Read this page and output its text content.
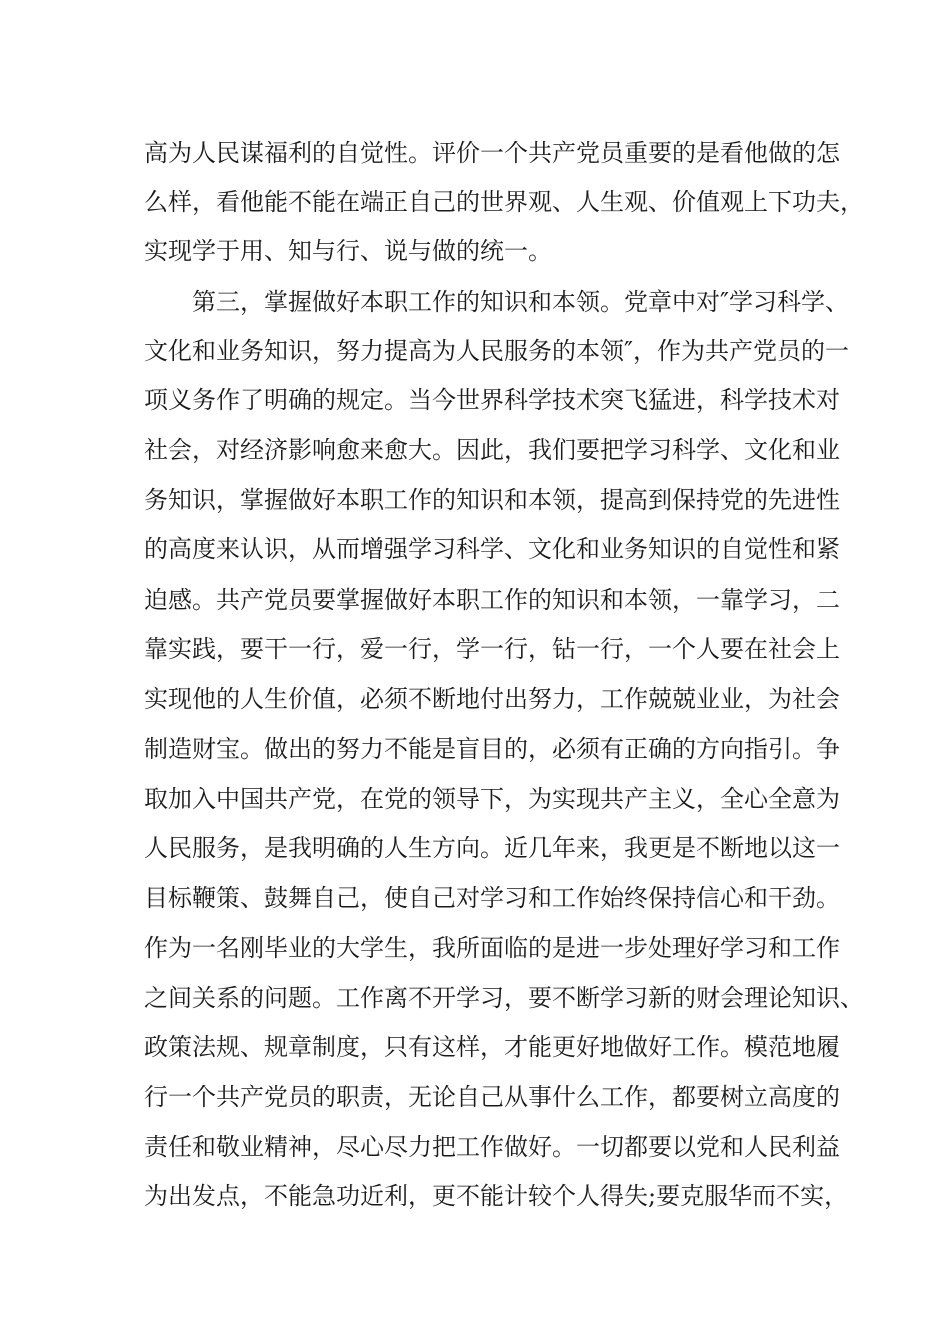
高为人民谋福利的自觉性。评价一个共产党员重要的是看他做的怎
么样，看他能不能在端正自己的世界观、人生观、价值观上下功夫，
实现学于用、知与行、说与做的统一。
第三，掌握做好本职工作的知识和本领。党章中对″学习科学、
文化和业务知识，努力提高为人民服务的本领″，作为共产党员的一
项义务作了明确的规定。当今世界科学技术突飞猛进，科学技术对
社会，对经济影响愈来愈大。因此，我们要把学习科学、文化和业
务知识，掌握做好本职工作的知识和本领，提高到保持党的先进性
的高度来认识，从而增强学习科学、文化和业务知识的自觉性和紧
迫感。共产党员要掌握做好本职工作的知识和本领，一靠学习，二
靠实践，要干一行，爱一行，学一行，钻一行，一个人要在社会上
实现他的人生价值，必须不断地付出努力，工作兢兢业业，为社会
制造财宝。做出的努力不能是盲目的，必须有正确的方向指引。争
取加入中国共产党，在党的领导下，为实现共产主义，全心全意为
人民服务，是我明确的人生方向。近几年来，我更是不断地以这一
目标鞭策、鼓舞自己，使自己对学习和工作始终保持信心和干劲。
作为一名刚毕业的大学生，我所面临的是进一步处理好学习和工作
之间关系的问题。工作离不开学习，要不断学习新的财会理论知识、
政策法规、规章制度，只有这样，才能更好地做好工作。模范地履
行一个共产党员的职责，无论自己从事什么工作，都要树立高度的
责任和敬业精神，尽心尽力把工作做好。一切都要以党和人民利益
为出发点，不能急功近利，更不能计较个人得失;要克服华而不实，
